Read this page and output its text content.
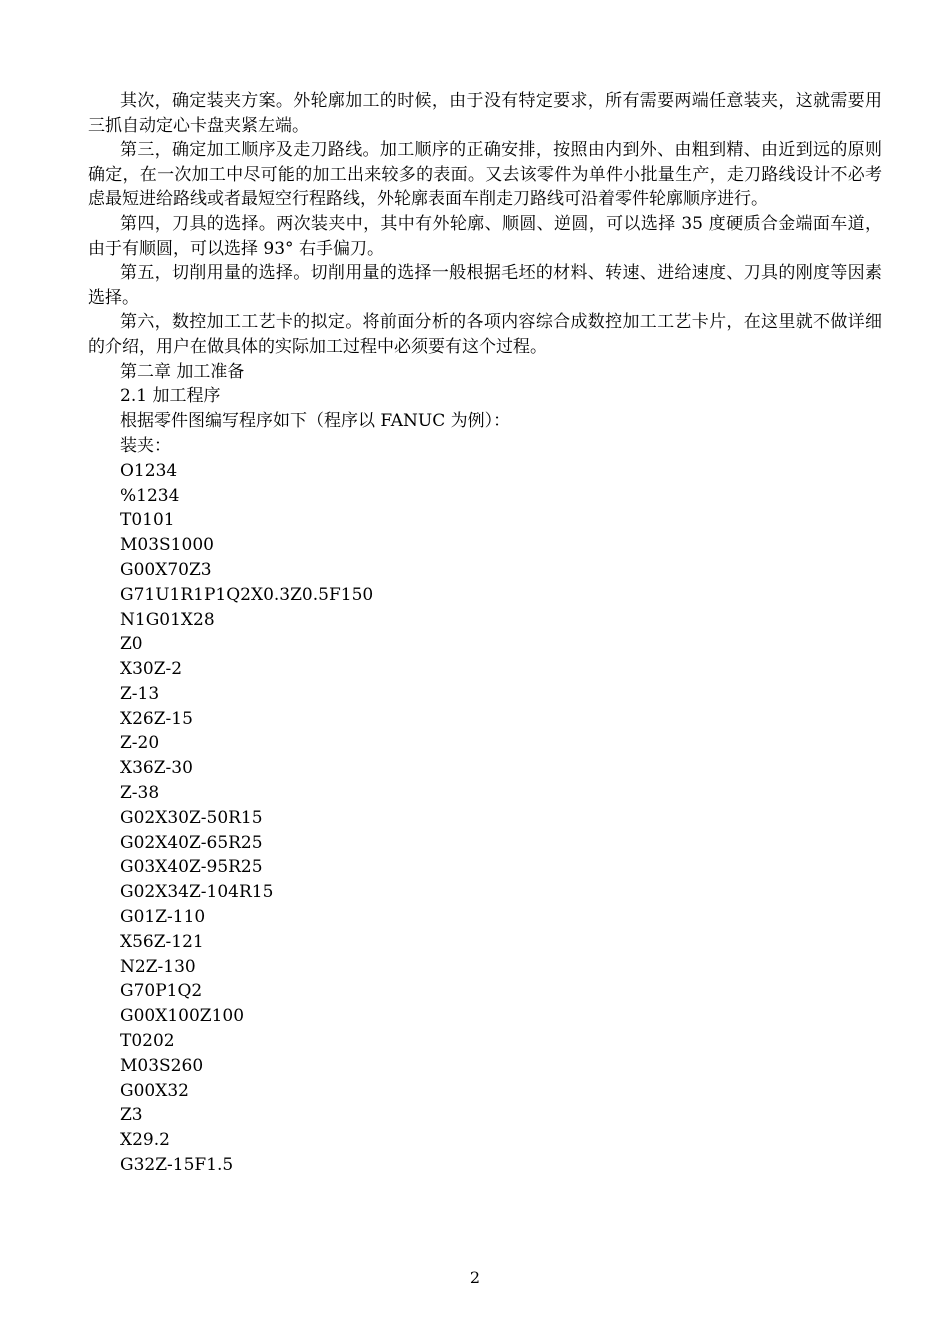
其次，确定装夹方案。外轮廓加工的时候，由于没有特定要求，所有需要两端任意装夹，这就需要用三抓自动定心卡盘夹紧左端。

第三，确定加工顺序及走刀路线。加工顺序的正确安排，按照由内到外、由粗到精、由近到远的原则确定，在一次加工中尽可能的加工出来较多的表面。又去该零件为单件小批量生产，走刀路线设计不必考虑最短进给路线或者最短空行程路线，外轮廓表面车削走刀路线可沿着零件轮廓顺序进行。

第四，刀具的选择。两次装夹中，其中有外轮廓、顺圆、逆圆，可以选择 35 度硬质合金端面车道，由于有顺圆，可以选择 93° 右手偏刀。

第五，切削用量的选择。切削用量的选择一般根据毛坯的材料、转速、进给速度、刀具的刚度等因素选择。

第六，数控加工工艺卡的拟定。将前面分析的各项内容综合成数控加工工艺卡片，在这里就不做详细的介绍，用户在做具体的实际加工过程中必须要有这个过程。

第二章 加工准备

2.1 加工程序

根据零件图编写程序如下（程序以 FANUC 为例）：

装夹：

O1234

%1234

T0101

M03S1000

G00X70Z3

G71U1R1P1Q2X0.3Z0.5F150

N1G01X28

Z0

X30Z-2

Z-13

X26Z-15

Z-20

X36Z-30

Z-38

G02X30Z-50R15

G02X40Z-65R25

G03X40Z-95R25

G02X34Z-104R15

G01Z-110

X56Z-121

N2Z-130

G70P1Q2

G00X100Z100

T0202

M03S260

G00X32

Z3

X29.2

G32Z-15F1.5

2
